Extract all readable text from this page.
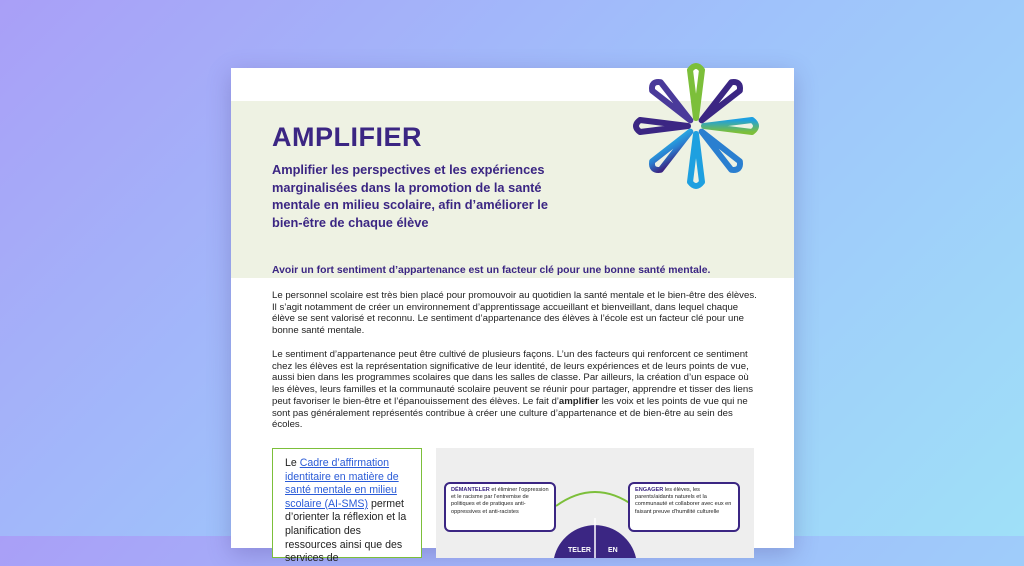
AMPLIFIER

Amplifier les perspectives et les expériences marginalisées dans la promotion de la santé mentale en milieu scolaire, afin d’améliorer le bien-être de chaque élève

Avoir un fort sentiment d’appartenance est un facteur clé pour une bonne santé mentale.

Le personnel scolaire est très bien placé pour promouvoir au quotidien la santé mentale et le bien-être des élèves. Il s’agit notamment de créer un environnement d’apprentissage accueillant et bienveillant, dans lequel chaque élève se sent valorisé et reconnu. Le sentiment d’appartenance des élèves à l’école est un facteur clé pour une bonne santé mentale.

Le sentiment d’appartenance peut être cultivé de plusieurs façons. L’un des facteurs qui renforcent ce sentiment chez les élèves est la représentation significative de leur identité, de leurs expériences et de leurs points de vue, aussi bien dans les programmes scolaires que dans les salles de classe. Par ailleurs, la création d’un espace où les élèves, leurs familles et la communauté scolaire peuvent se réunir pour partager, apprendre et tisser des liens peut favoriser le bien-être et l’épanouissement des élèves. Le fait d’amplifier les voix et les points de vue qui ne sont pas généralement représentés contribue à créer une culture d’appartenance et de bien-être au sein des écoles.

Le Cadre d’affirmation identitaire en matière de santé mentale en milieu scolaire (AI-SMS) permet d’orienter la réflexion et la planification des ressources ainsi que des services de
TELER EN
DÉMANTELER et éliminer l’oppression et le racisme par l’entremise de politiques et de pratiques anti-oppressives et anti-racistes
ENGAGER les élèves, les parents/aidants naturels et la communauté et collaborer avec eux en faisant preuve d’humilité culturelle
